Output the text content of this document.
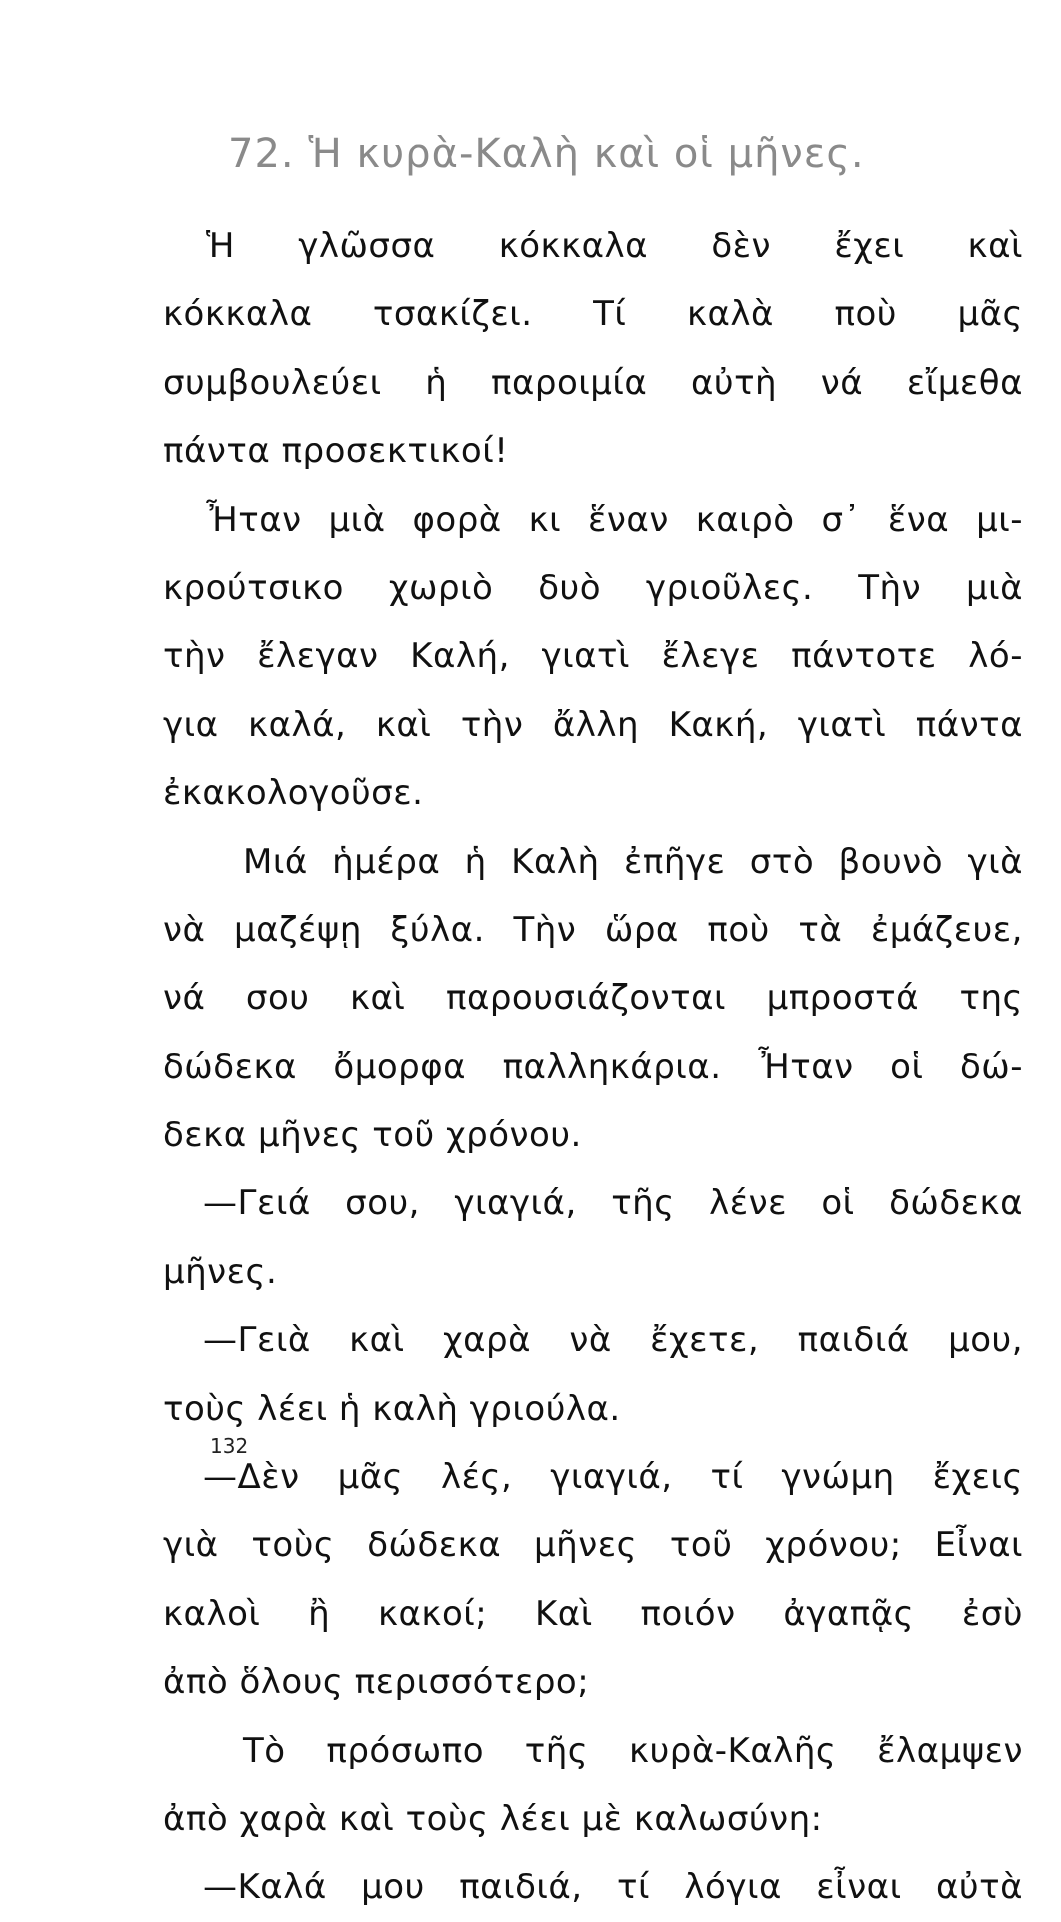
72. Ἡ κυρὰ-Καλὴ καὶ οἱ μῆνες.
Ἡ γλῶσσα κόκκαλα δὲν ἔχει καὶ
κόκκαλα τσακίζει. Τί καλὰ ποὺ μᾶς
συμβουλεύει ἡ παροιμία αὐτὴ νά εἴμεθα
πάντα προσεκτικοί!
Ἦταν μιὰ φορὰ κι ἕναν καιρὸ σ᾽ ἕνα μι-
κρούτσικο χωριὸ δυὸ γριοῦλες. Τὴν μιὰ
τὴν ἔλεγαν Καλή, γιατὶ ἔλεγε πάντοτε λό-
για καλά, καὶ τὴν ἄλλη Κακή, γιατὶ πάντα
ἐκακολογοῦσε.
Μιά ἡμέρα ἡ Καλὴ ἐπῆγε στὸ βουνὸ γιὰ
νὰ μαζέψῃ ξύλα. Τὴν ὥρα ποὺ τὰ ἐμάζευε,
νά σου καὶ παρουσιάζονται μπροστά της
δώδεκα ὄμορφα παλληκάρια. Ἦταν οἱ δώ-
δεκα μῆνες τοῦ χρόνου.
—Γειά σου, γιαγιά, τῆς λένε οἱ δώδεκα
μῆνες.
—Γειὰ καὶ χαρὰ νὰ ἔχετε, παιδιά μου,
τοὺς λέει ἡ καλὴ γριούλα.
—Δὲν μᾶς λές, γιαγιά, τί γνώμη ἔχεις
γιὰ τοὺς δώδεκα μῆνες τοῦ χρόνου; Εἶναι
καλοὶ ἢ κακοί; Καὶ ποιόν ἀγαπᾷς ἐσὺ
ἀπὸ ὅλους περισσότερο;
Τὸ πρόσωπο τῆς κυρὰ-Καλῆς ἔλαμψεν
ἀπὸ χαρὰ καὶ τοὺς λέει μὲ καλωσύνη:
—Καλά μου παιδιά, τί λόγια εἶναι αὐτὰ
132
